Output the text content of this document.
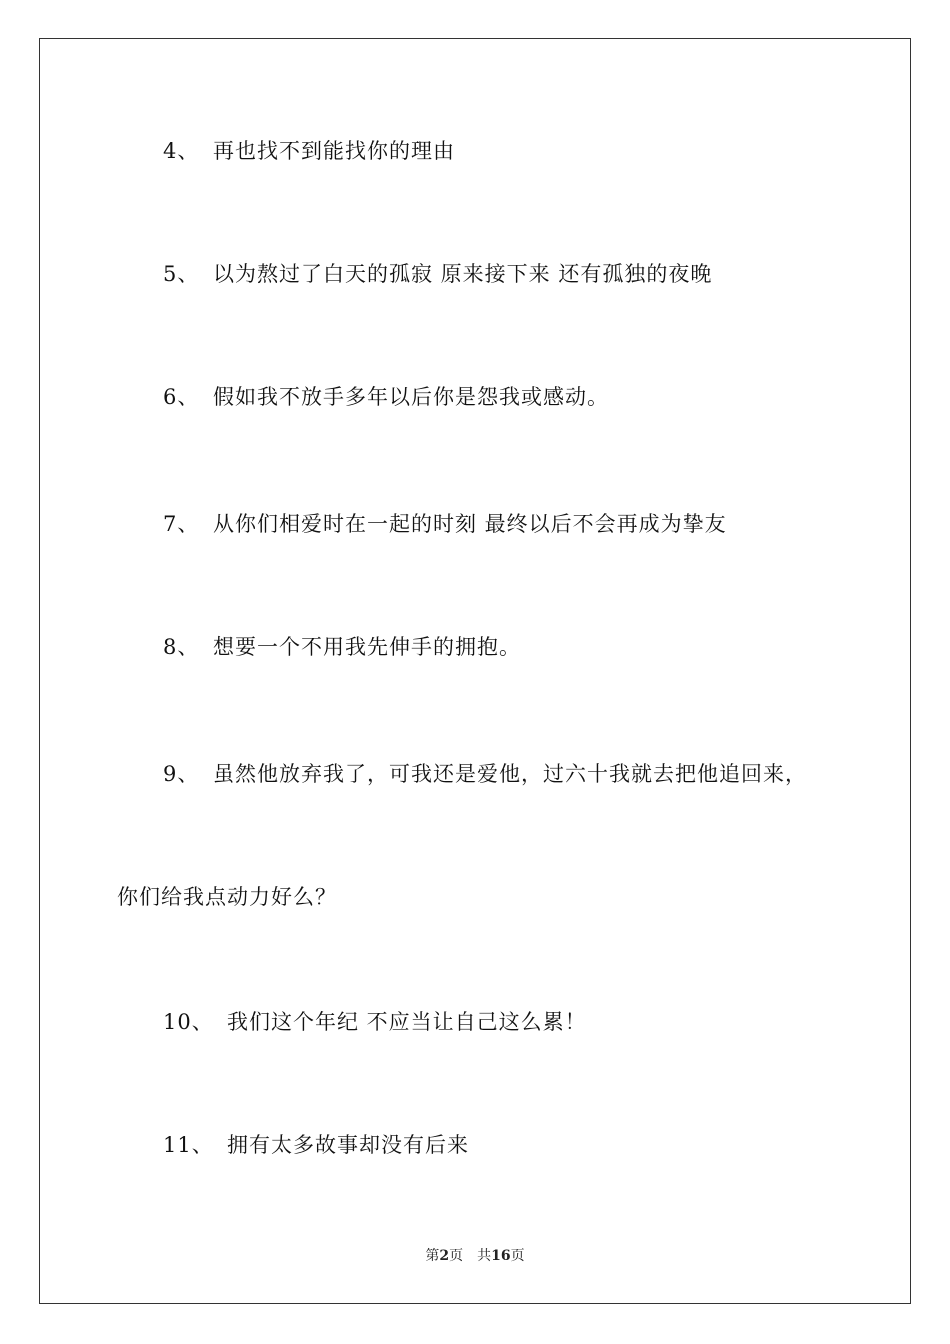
4、 再也找不到能找你的理由
5、 以为熬过了白天的孤寂 原来接下来 还有孤独的夜晚
6、 假如我不放手多年以后你是怨我或感动。
7、 从你们相爱时在一起的时刻 最终以后不会再成为挚友
8、 想要一个不用我先伸手的拥抱。
9、 虽然他放弃我了，可我还是爱他，过六十我就去把他追回来，
你们给我点动力好么？
10、 我们这个年纪 不应当让自己这么累！
11、 拥有太多故事却没有后来
第2页 共16页
